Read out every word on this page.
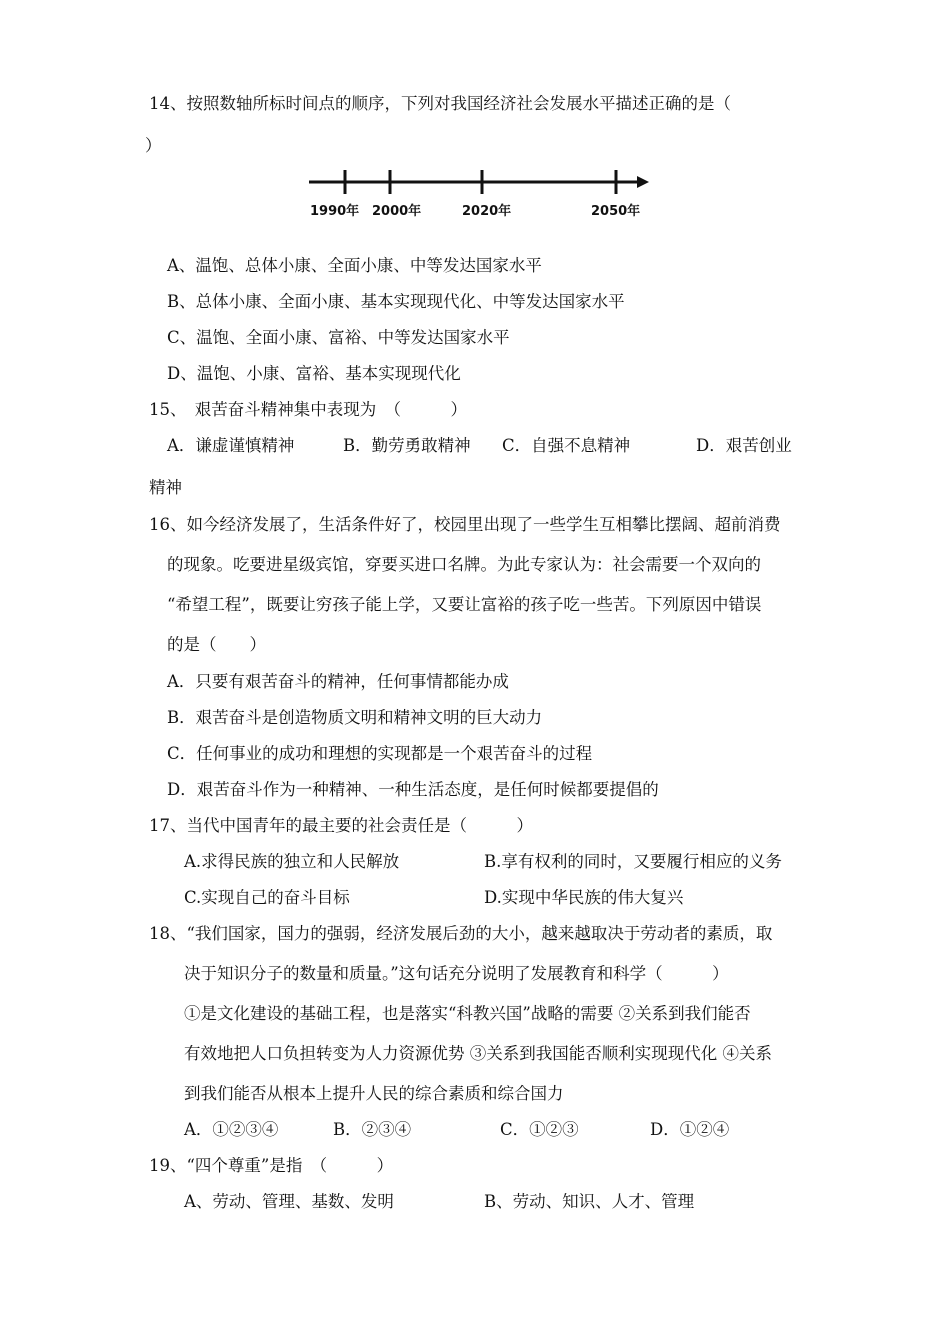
14、按照数轴所标时间点的顺序，下列对我国经济社会发展水平描述正确的是（
）
1990年 2000年	2020年	2050年
A、温饱、总体小康、全面小康、中等发达国家水平
B、总体小康、全面小康、基本实现现代化、中等发达国家水平
C、温饱、全面小康、富裕、中等发达国家水平
D、温饱、小康、富裕、基本实现现代化
15、　艰苦奋斗精神集中表现为　（　　　）
A．谦虚谨慎精神	B．勤劳勇敢精神 C．自强不息精神	D．艰苦创业
精神
16、如今经济发展了，生活条件好了，校园里出现了一些学生互相攀比摆阔、超前消费
的现象。吃要进星级宾馆，穿要买进口名牌。为此专家认为：社会需要一个双向的
“希望工程”，既要让穷孩子能上学，又要让富裕的孩子吃一些苦。下列原因中错误
的是（　　）
A．只要有艰苦奋斗的精神，任何事情都能办成
B．艰苦奋斗是创造物质文明和精神文明的巨大动力
C．任何事业的成功和理想的实现都是一个艰苦奋斗的过程
D．艰苦奋斗作为一种精神、一种生活态度，是任何时候都要提倡的
17、当代中国青年的最主要的社会责任是（　　　）
A.求得民族的独立和人民解放	B.享有权利的同时，又要履行相应的义务
C.实现自己的奋斗目标	D.实现中华民族的伟大复兴
18、“我们国家，国力的强弱，经济发展后劲的大小，越来越取决于劳动者的素质，取
决于知识分子的数量和质量。”这句话充分说明了发展教育和科学（　　　）
①是文化建设的基础工程，也是落实“科教兴国”战略的需要 ②关系到我们能否
有效地把人口负担转变为人力资源优势 ③关系到我国能否顺利实现现代化 ④关系
到我们能否从根本上提升人民的综合素质和综合国力
A．①②③④	B．②③④	C．①②③	D．①②④
19、“四个尊重”是指　（　　　）
A、劳动、管理、基数、发明	B、劳动、知识、人才、管理
